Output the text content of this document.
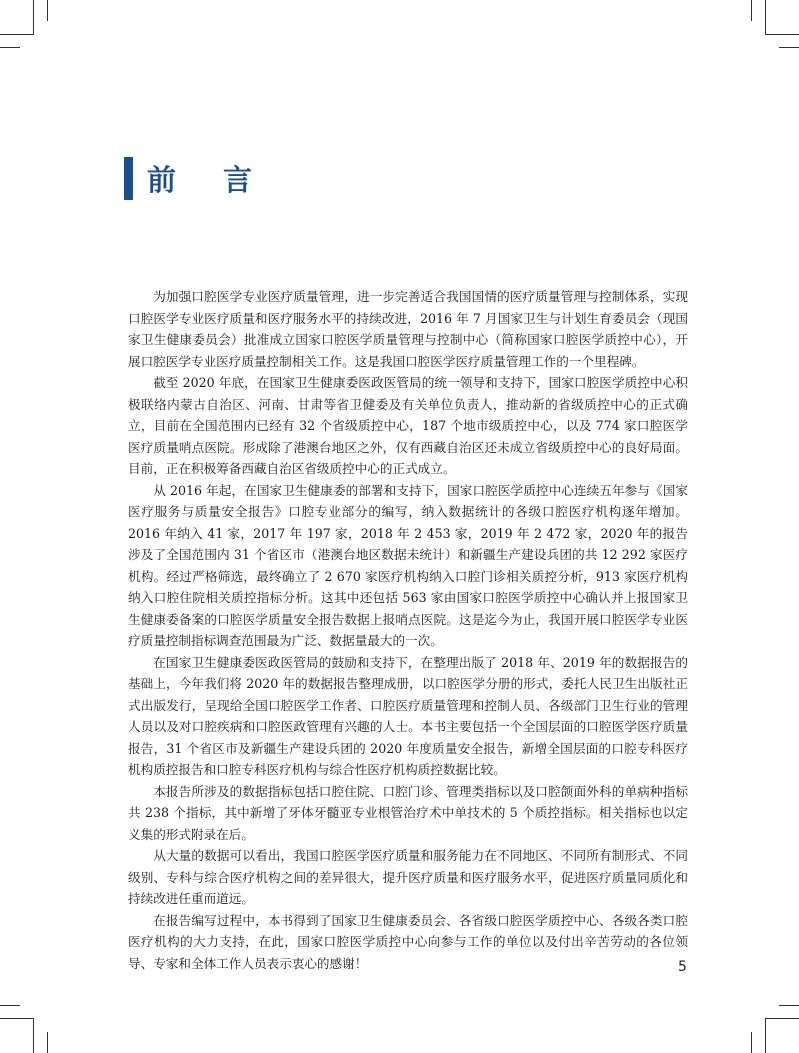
前言

为加强口腔医学专业医疗质量管理，进一步完善适合我国国情的医疗质量管理与控制体系，实现口腔医学专业医疗质量和医疗服务水平的持续改进，2016 年 7 月国家卫生与计划生育委员会（现国家卫生健康委员会）批准成立国家口腔医学质量管理与控制中心（简称国家口腔医学质控中心），开展口腔医学专业医疗质量控制相关工作。这是我国口腔医学医疗质量管理工作的一个里程碑。

截至 2020 年底，在国家卫生健康委医政医管局的统一领导和支持下，国家口腔医学质控中心积极联络内蒙古自治区、河南、甘肃等省卫健委及有关单位负责人，推动新的省级质控中心的正式确立，目前在全国范围内已经有 32 个省级质控中心，187 个地市级质控中心，以及 774 家口腔医学医疗质量哨点医院。形成除了港澳台地区之外，仅有西藏自治区还未成立省级质控中心的良好局面。目前，正在积极筹备西藏自治区省级质控中心的正式成立。

从 2016 年起，在国家卫生健康委的部署和支持下，国家口腔医学质控中心连续五年参与《国家医疗服务与质量安全报告》口腔专业部分的编写，纳入数据统计的各级口腔医疗机构逐年增加。2016 年纳入 41 家，2017 年 197 家，2018 年 2 453 家，2019 年 2 472 家，2020 年的报告涉及了全国范围内 31 个省区市（港澳台地区数据未统计）和新疆生产建设兵团的共 12 292 家医疗机构。经过严格筛选，最终确立了 2 670 家医疗机构纳入口腔门诊相关质控分析，913 家医疗机构纳入口腔住院相关质控指标分析。这其中还包括 563 家由国家口腔医学质控中心确认并上报国家卫生健康委备案的口腔医学质量安全报告数据上报哨点医院。这是迄今为止，我国开展口腔医学专业医疗质量控制指标调查范围最为广泛、数据量最大的一次。

在国家卫生健康委医政医管局的鼓励和支持下，在整理出版了 2018 年、2019 年的数据报告的基础上，今年我们将 2020 年的数据报告整理成册，以口腔医学分册的形式，委托人民卫生出版社正式出版发行，呈现给全国口腔医学工作者、口腔医疗质量管理和控制人员、各级部门卫生行业的管理人员以及对口腔疾病和口腔医政管理有兴趣的人士。本书主要包括一个全国层面的口腔医学医疗质量报告，31 个省区市及新疆生产建设兵团的 2020 年度质量安全报告，新增全国层面的口腔专科医疗机构质控报告和口腔专科医疗机构与综合性医疗机构质控数据比较。

本报告所涉及的数据指标包括口腔住院、口腔门诊、管理类指标以及口腔颌面外科的单病种指标共 238 个指标，其中新增了牙体牙髓亚专业根管治疗术中单技术的 5 个质控指标。相关指标也以定义集的形式附录在后。

从大量的数据可以看出，我国口腔医学医疗质量和服务能力在不同地区、不同所有制形式、不同级别、专科与综合医疗机构之间的差异很大，提升医疗质量和医疗服务水平，促进医疗质量同质化和持续改进任重而道远。

在报告编写过程中，本书得到了国家卫生健康委员会、各省级口腔医学质控中心、各级各类口腔医疗机构的大力支持，在此，国家口腔医学质控中心向参与工作的单位以及付出辛苦劳动的各位领导、专家和全体工作人员表示衷心的感谢！	5
